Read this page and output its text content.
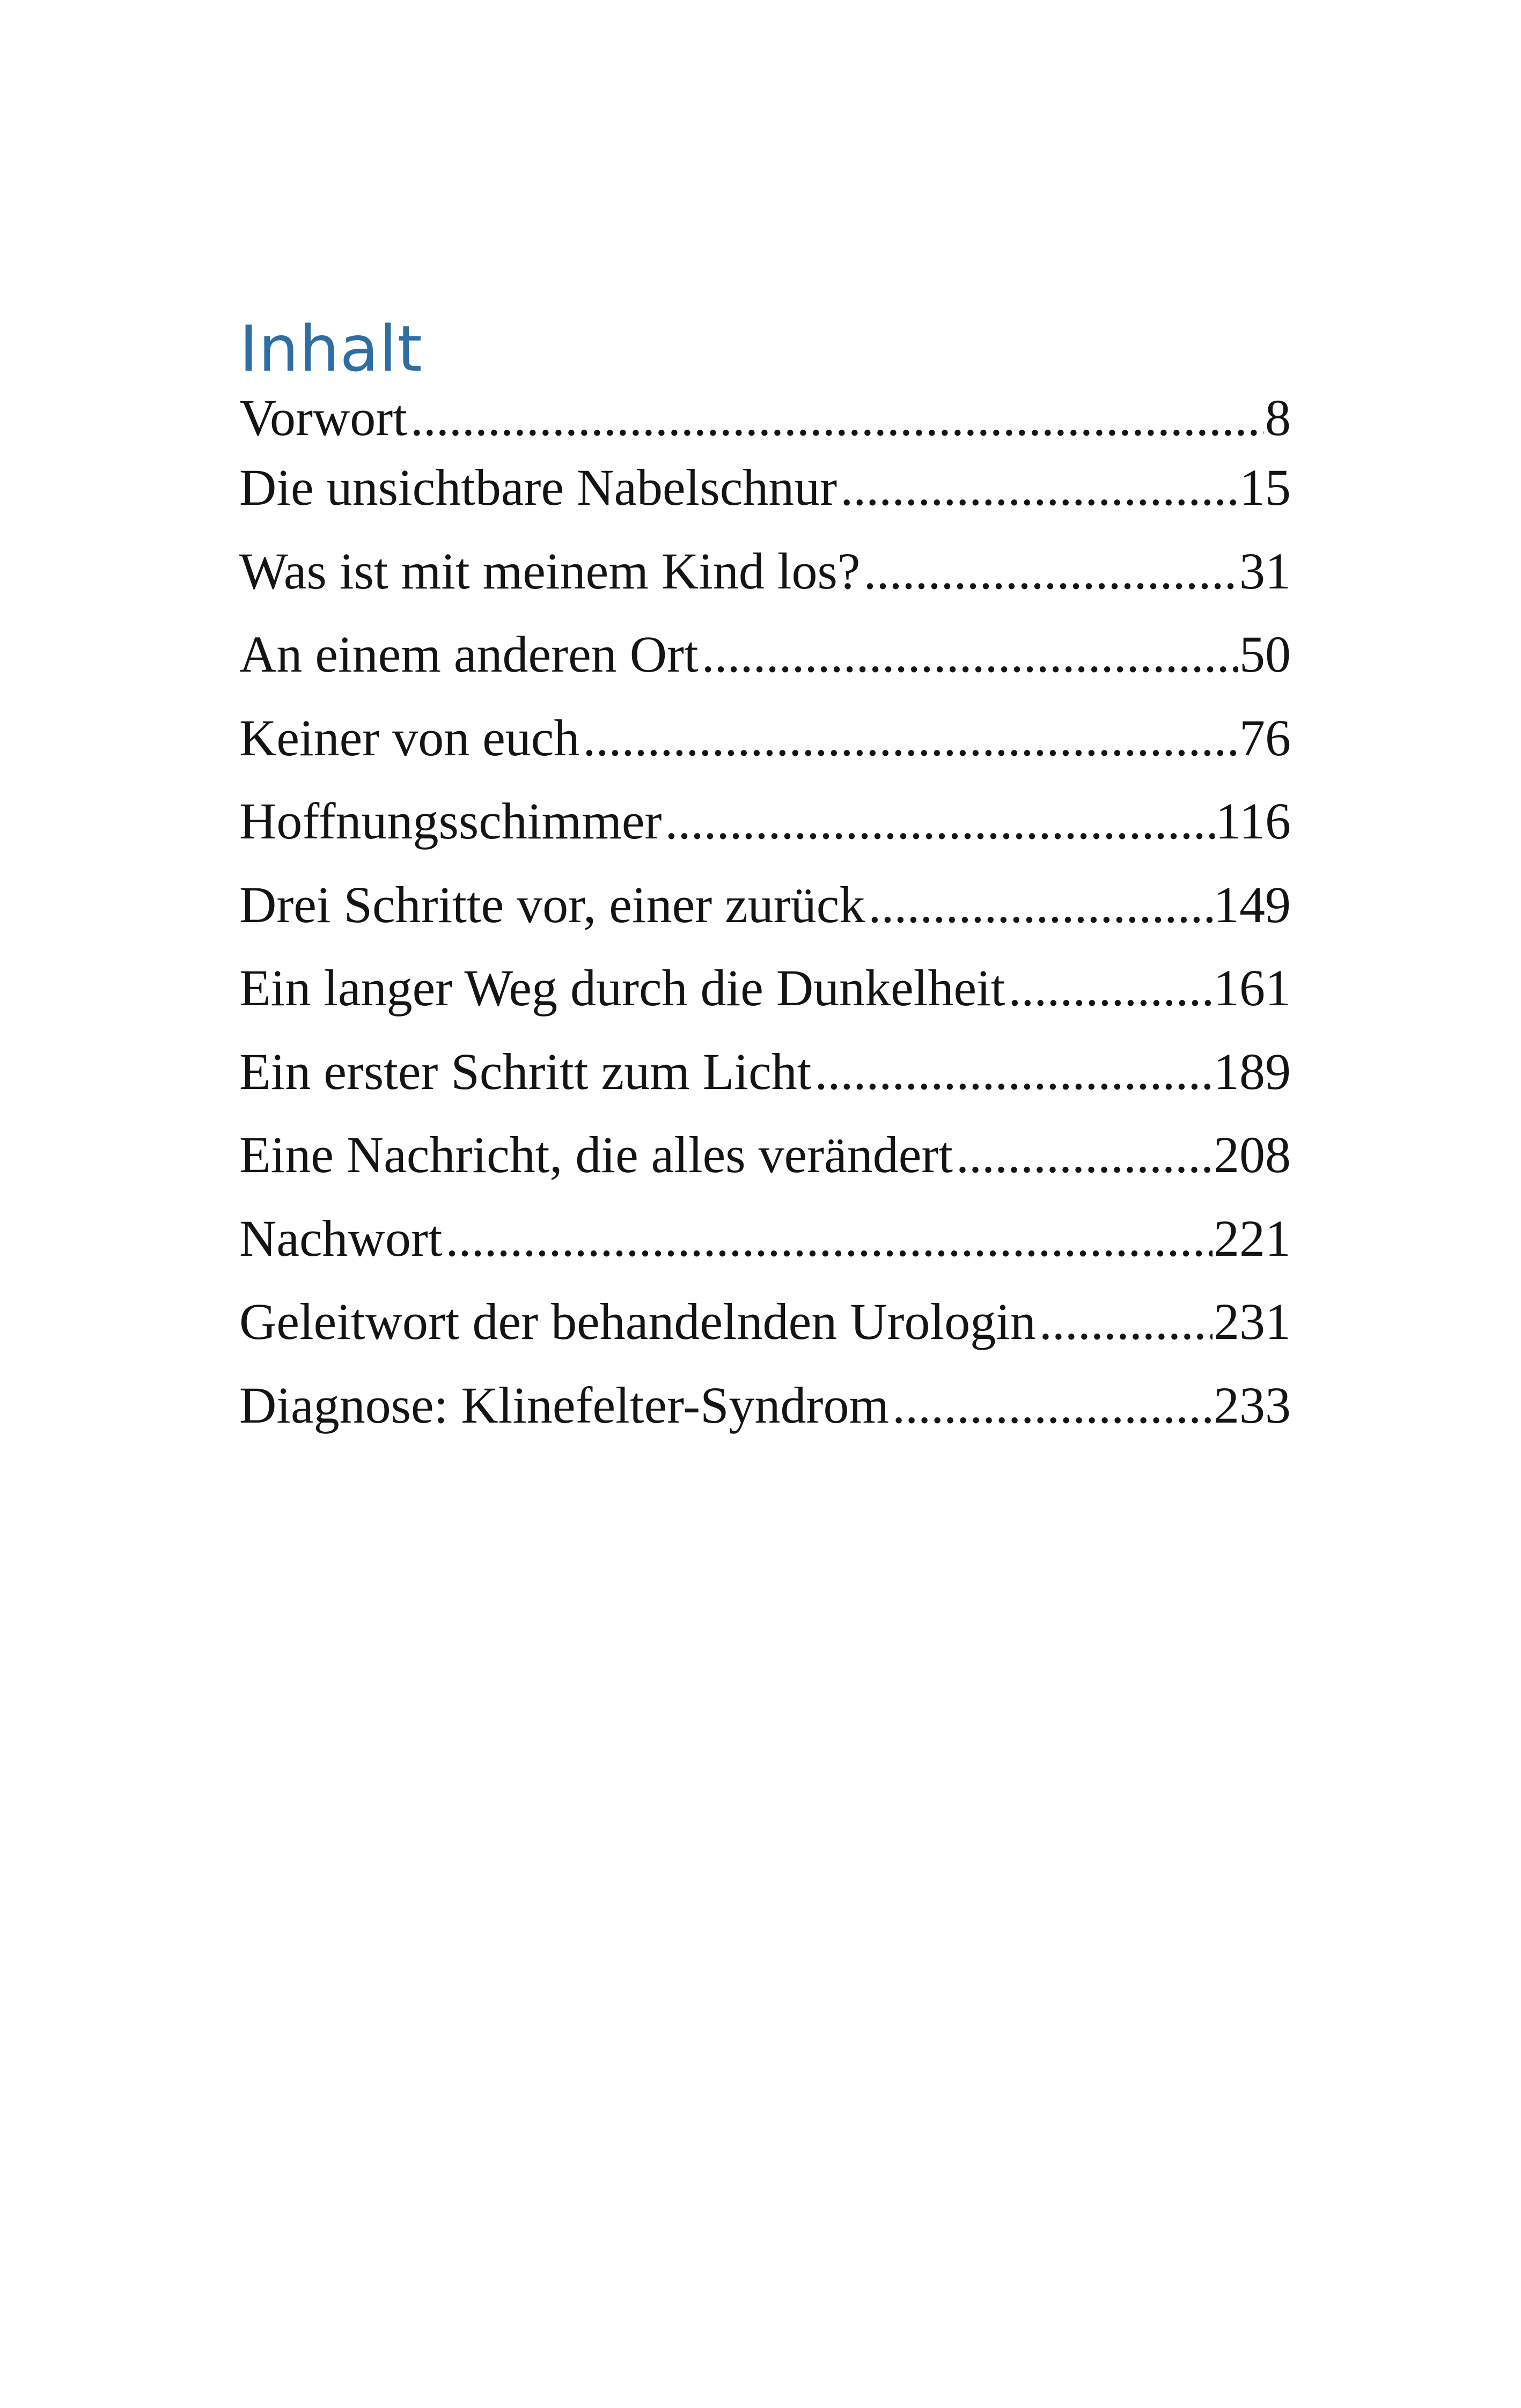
Inhalt
Vorwort .....	8
Die unsichtbare Nabelschnur .....	15
Was ist mit meinem Kind los? .....	31
An einem anderen Ort .....	50
Keiner von euch .....	76
Hoffnungsschimmer .....	116
Drei Schritte vor, einer zurück .....	149
Ein langer Weg durch die Dunkelheit .....	161
Ein erster Schritt zum Licht .....	189
Eine Nachricht, die alles verändert .....	208
Nachwort .....	221
Geleitwort der behandelnden Urologin .....	231
Diagnose: Klinefelter-Syndrom .....	233
